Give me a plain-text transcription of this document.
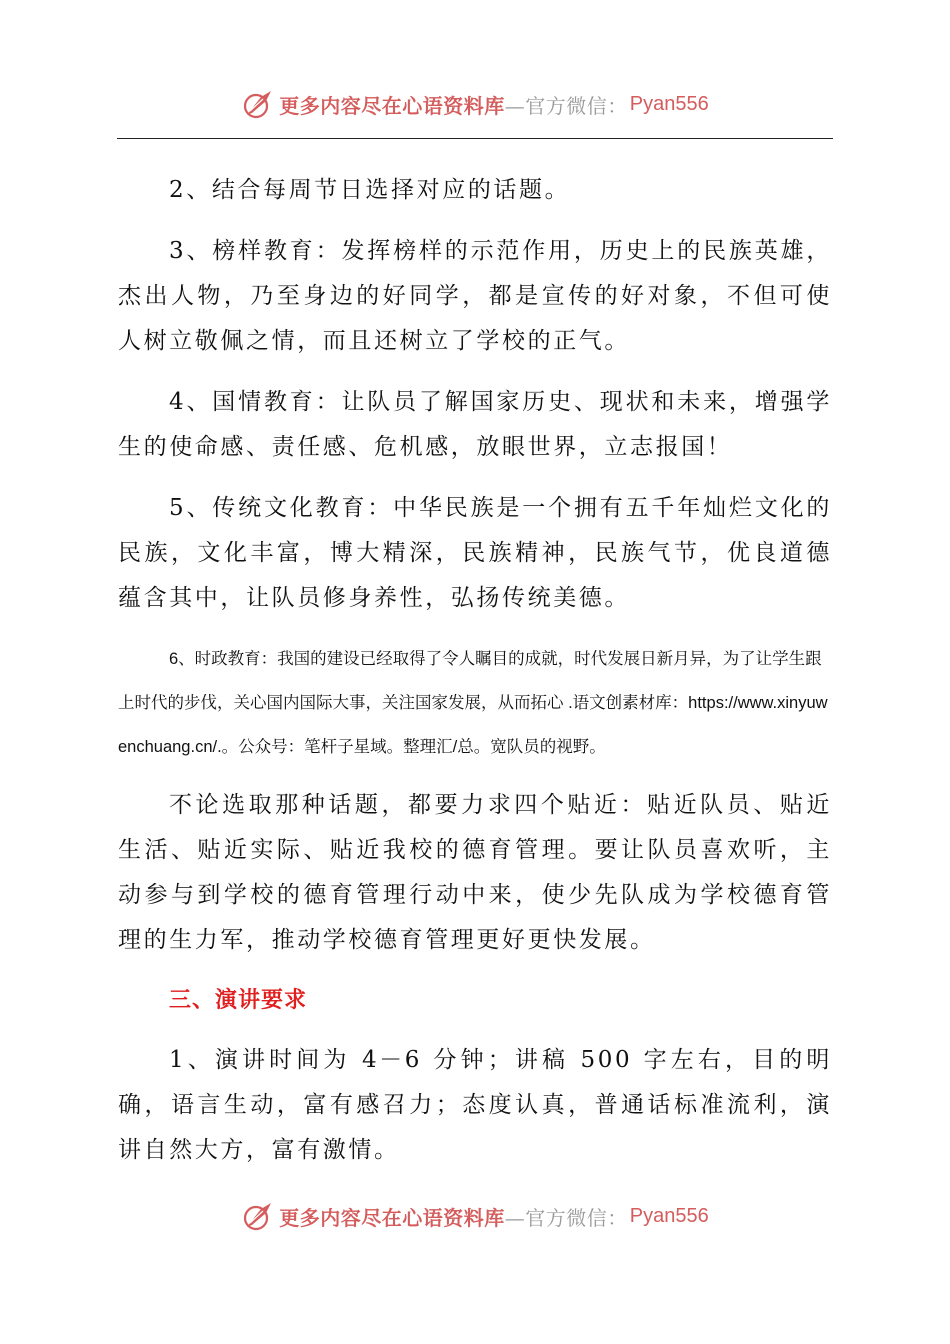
更多内容尽在心语资料库 —官方微信： Pyan556

2、结合每周节日选择对应的话题。

3、榜样教育：发挥榜样的示范作用，历史上的民族英雄，杰出人物，乃至身边的好同学，都是宣传的好对象，不但可使人树立敬佩之情，而且还树立了学校的正气。

4、国情教育：让队员了解国家历史、现状和未来，增强学生的使命感、责任感、危机感，放眼世界，立志报国！

5、传统文化教育：中华民族是一个拥有五千年灿烂文化的民族，文化丰富，博大精深，民族精神，民族气节，优良道德蕴含其中，让队员修身养性，弘扬传统美德。

6、时政教育：我国的建设已经取得了令人瞩目的成就，时代发展日新月异，为了让学生跟上时代的步伐，关心国内国际大事，关注国家发展，从而拓心 .语文创素材库：https://www.xinyuwenchuang.cn/.。公众号：笔杆子星域。整理汇/总。宽队员的视野。

不论选取那种话题，都要力求四个贴近：贴近队员、贴近生活、贴近实际、贴近我校的德育管理。要让队员喜欢听，主动参与到学校的德育管理行动中来，使少先队成为学校德育管理的生力军，推动学校德育管理更好更快发展。

三、演讲要求

1、演讲时间为 4－6 分钟；讲稿 500 字左右，目的明确，语言生动，富有感召力；态度认真，普通话标准流利，演讲自然大方，富有激情。

更多内容尽在心语资料库 —官方微信： Pyan556
